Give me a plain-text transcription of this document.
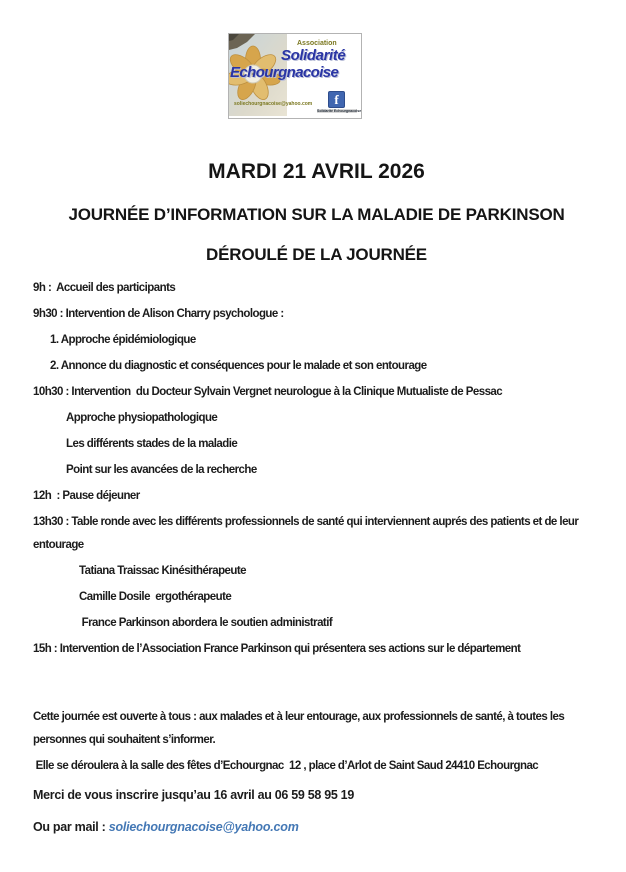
Association
Solidarité
Echourgnacoise
soliechourgnacoise@yahoo.com	f
Solidarité Echourgnacoise
MARDI 21 AVRIL 2026
JOURNÉE D’INFORMATION SUR LA MALADIE DE PARKINSON
DÉROULÉ DE LA JOURNÉE
9h :  Accueil des participants
9h30 : Intervention de Alison Charry psychologue :
1. Approche épidémiologique
2. Annonce du diagnostic et conséquences pour le malade et son entourage
10h30 : Intervention  du Docteur Sylvain Vergnet neurologue à la Clinique Mutualiste de Pessac
Approche physiopathologique
Les différents stades de la maladie
Point sur les avancées de la recherche
12h  : Pause déjeuner
13h30 : Table ronde avec les différents professionnels de santé qui interviennent auprés des patients et de leur entourage
Tatiana Traissac Kinésithérapeute
Camille Dosile  ergothérapeute
France Parkinson abordera le soutien administratif
15h : Intervention de l’Association France Parkinson qui présentera ses actions sur le département

Cette journée est ouverte à tous : aux malades et à leur entourage, aux professionnels de santé, à toutes les personnes qui souhaitent s’informer.

Elle se déroulera à la salle des fêtes d’Echourgnac  12 , place d’Arlot de Saint Saud 24410 Echourgnac

Merci de vous inscrire jusqu’au 16 avril au 06 59 58 95 19

Ou par mail : soliechourgnacoise@yahoo.com
